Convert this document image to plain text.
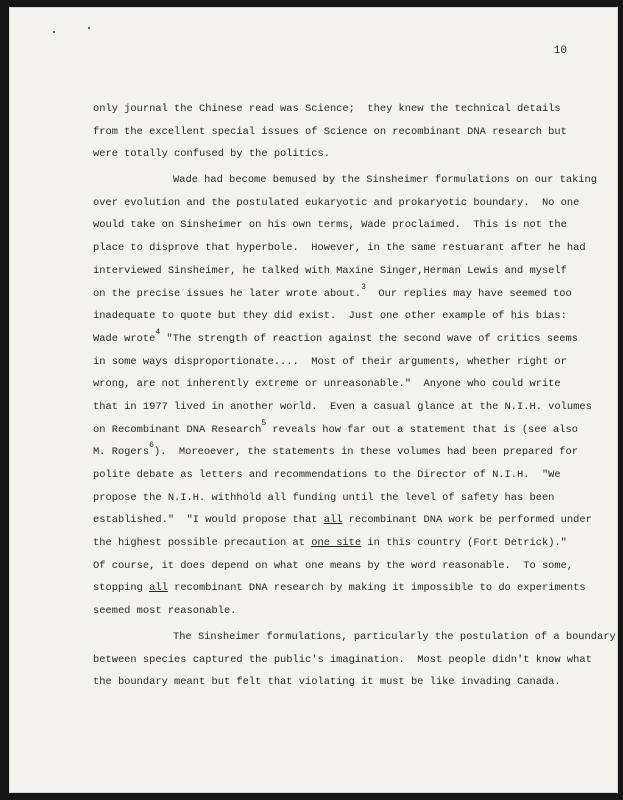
10
only journal the Chinese read was Science;  they knew the technical details
from the excellent special issues of Science on recombinant DNA research but
were totally confused by the politics.
Wade had become bemused by the Sinsheimer formulations on our taking
over evolution and the postulated eukaryotic and prokaryotic boundary.  No one
would take on Sinsheimer on his own terms, Wade proclaimed.  This is not the
place to disprove that hyperbole.  However, in the same restuarant after he had
interviewed Sinsheimer, he talked with Maxine Singer,Herman Lewis and myself
on the precise issues he later wrote about.$^3$  Our replies may have seemed too
inadequate to quote but they did exist.  Just one other example of his bias:
Wade wrote$^4$ "The strength of reaction against the second wave of critics seems
in some ways disproportionate....  Most of their arguments, whether right or
wrong, are not inherently extreme or unreasonable."  Anyone who could write
that in 1977 lived in another world.  Even a casual glance at the N.I.H. volumes
on Recombinant DNA Research$^5$ reveals how far out a statement that is (see also
M. Rogers$^6$).  Moreoever, the statements in these volumes had been prepared for
polite debate as letters and recommendations to the Director of N.I.H.  "We
propose the N.I.H. withhold all funding until the level of safety has been
established."  "I would propose that all recombinant DNA work be performed under
the highest possible precaution at one site in this country (Fort Detrick)."
Of course, it does depend on what one means by the word reasonable.  To some,
stopping all recombinant DNA research by making it impossible to do experiments
seemed most reasonable.
The Sinsheimer formulations, particularly the postulation of a boundary
between species captured the public's imagination.  Most people didn't know what
the boundary meant but felt that violating it must be like invading Canada.
